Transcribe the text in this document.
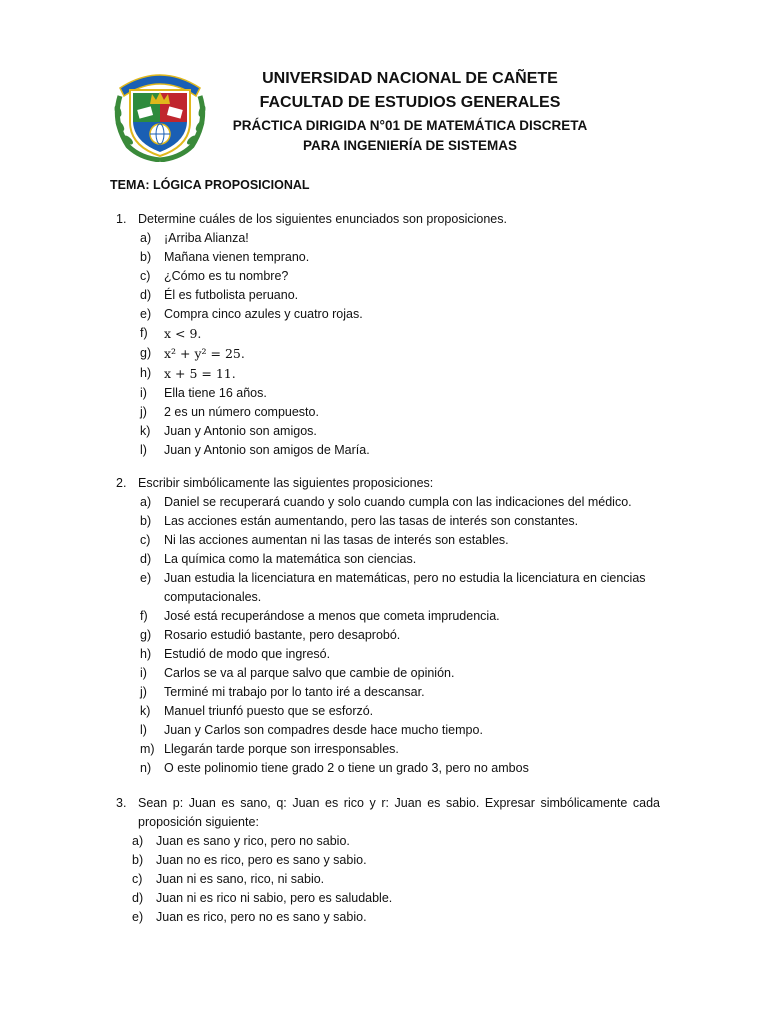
UNIVERSIDAD NACIONAL DE CAÑETE
FACULTAD DE ESTUDIOS GENERALES
PRÁCTICA DIRIGIDA N°01 DE MATEMÁTICA DISCRETA
PARA INGENIERÍA DE SISTEMAS
TEMA: LÓGICA PROPOSICIONAL
1. Determine cuáles de los siguientes enunciados son proposiciones.
a) ¡Arriba Alianza!
b) Mañana vienen temprano.
c) ¿Cómo es tu nombre?
d) Él es futbolista peruano.
e) Compra cinco azules y cuatro rojas.
f) x < 9.
g) x² + y² = 25.
h) x + 5 = 11.
i) Ella tiene 16 años.
j) 2 es un número compuesto.
k) Juan y Antonio son amigos.
l) Juan y Antonio son amigos de María.
2. Escribir simbólicamente las siguientes proposiciones:
a) Daniel se recuperará cuando y solo cuando cumpla con las indicaciones del médico.
b) Las acciones están aumentando, pero las tasas de interés son constantes.
c) Ni las acciones aumentan ni las tasas de interés son estables.
d) La química como la matemática son ciencias.
e) Juan estudia la licenciatura en matemáticas, pero no estudia la licenciatura en ciencias computacionales.
f) José está recuperándose a menos que cometa imprudencia.
g) Rosario estudió bastante, pero desaprobó.
h) Estudió de modo que ingresó.
i) Carlos se va al parque salvo que cambie de opinión.
j) Terminé mi trabajo por lo tanto iré a descansar.
k) Manuel triunfó puesto que se esforzó.
l) Juan y Carlos son compadres desde hace mucho tiempo.
m) Llegarán tarde porque son irresponsables.
n) O este polinomio tiene grado 2 o tiene un grado 3, pero no ambos
3. Sean p: Juan es sano, q: Juan es rico y r: Juan es sabio. Expresar simbólicamente cada proposición siguiente:
a) Juan es sano y rico, pero no sabio.
b) Juan no es rico, pero es sano y sabio.
c) Juan ni es sano, rico, ni sabio.
d) Juan ni es rico ni sabio, pero es saludable.
e) Juan es rico, pero no es sano y sabio.
